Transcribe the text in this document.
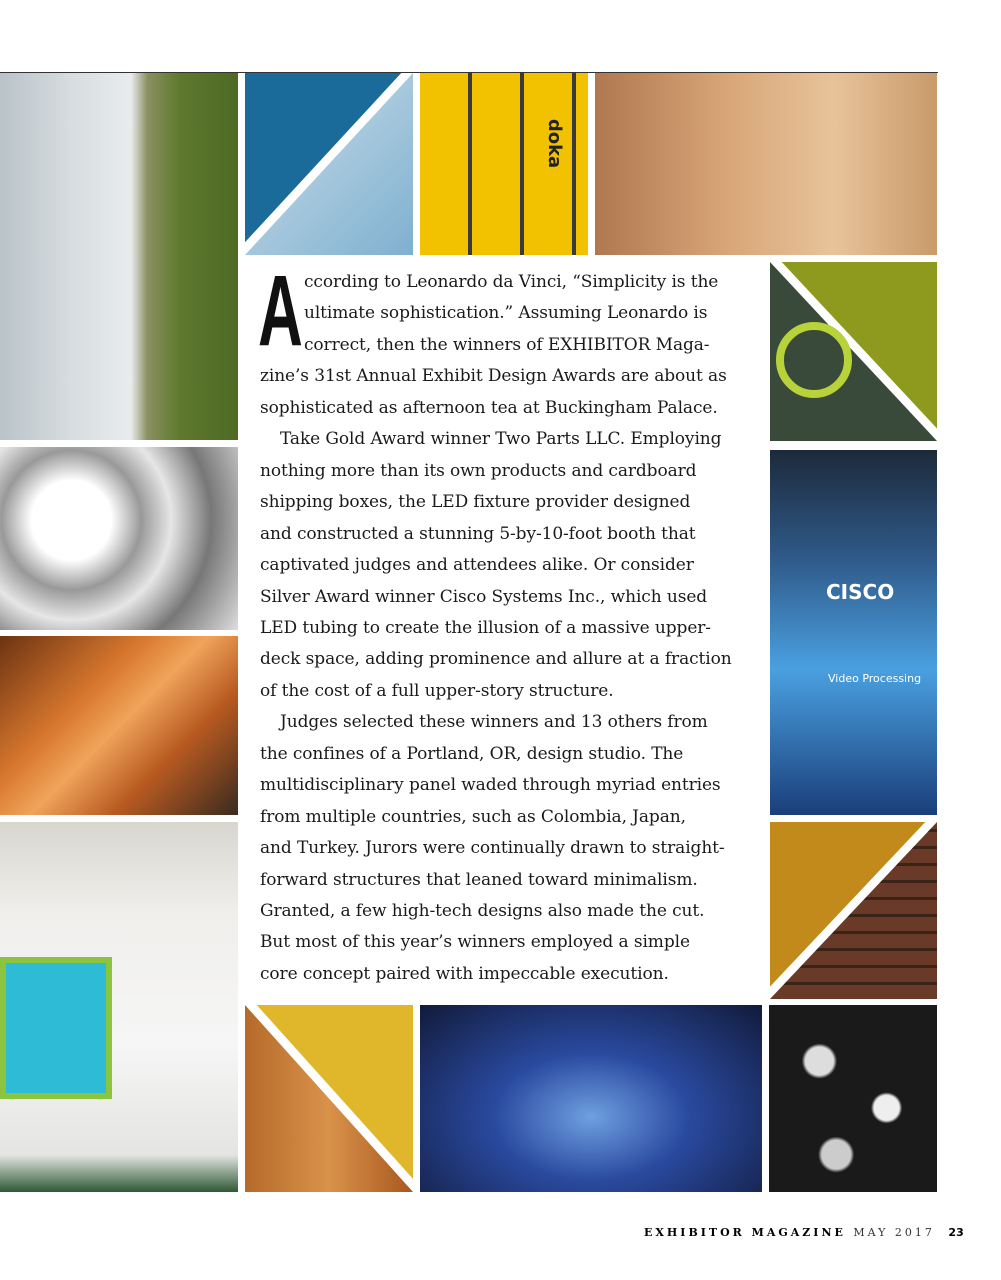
doka
CISCO
Video Processing
A ccording to Leonardo da Vinci, “Simplicity is the
ultimate sophistication.” Assuming Leonardo is
correct, then the winners of EXHIBITOR Maga-
zine’s 31st Annual Exhibit Design Awards are about as
sophisticated as afternoon tea at Buckingham Palace.
Take Gold Award winner Two Parts LLC. Employing
nothing more than its own products and cardboard
shipping boxes, the LED fixture provider designed
and constructed a stunning 5-by-10-foot booth that
captivated judges and attendees alike. Or consider
Silver Award winner Cisco Systems Inc., which used
LED tubing to create the illusion of a massive upper-
deck space, adding prominence and allure at a fraction
of the cost of a full upper-story structure.
Judges selected these winners and 13 others from
the confines of a Portland, OR, design studio. The
multidisciplinary panel waded through myriad entries
from multiple countries, such as Colombia, Japan,
and Turkey. Jurors were continually drawn to straight-
forward structures that leaned toward minimalism.
Granted, a few high-tech designs also made the cut.
But most of this year’s winners employed a simple
core concept paired with impeccable execution.
EXHIBITOR MAGAZINE MAY 2017 23
